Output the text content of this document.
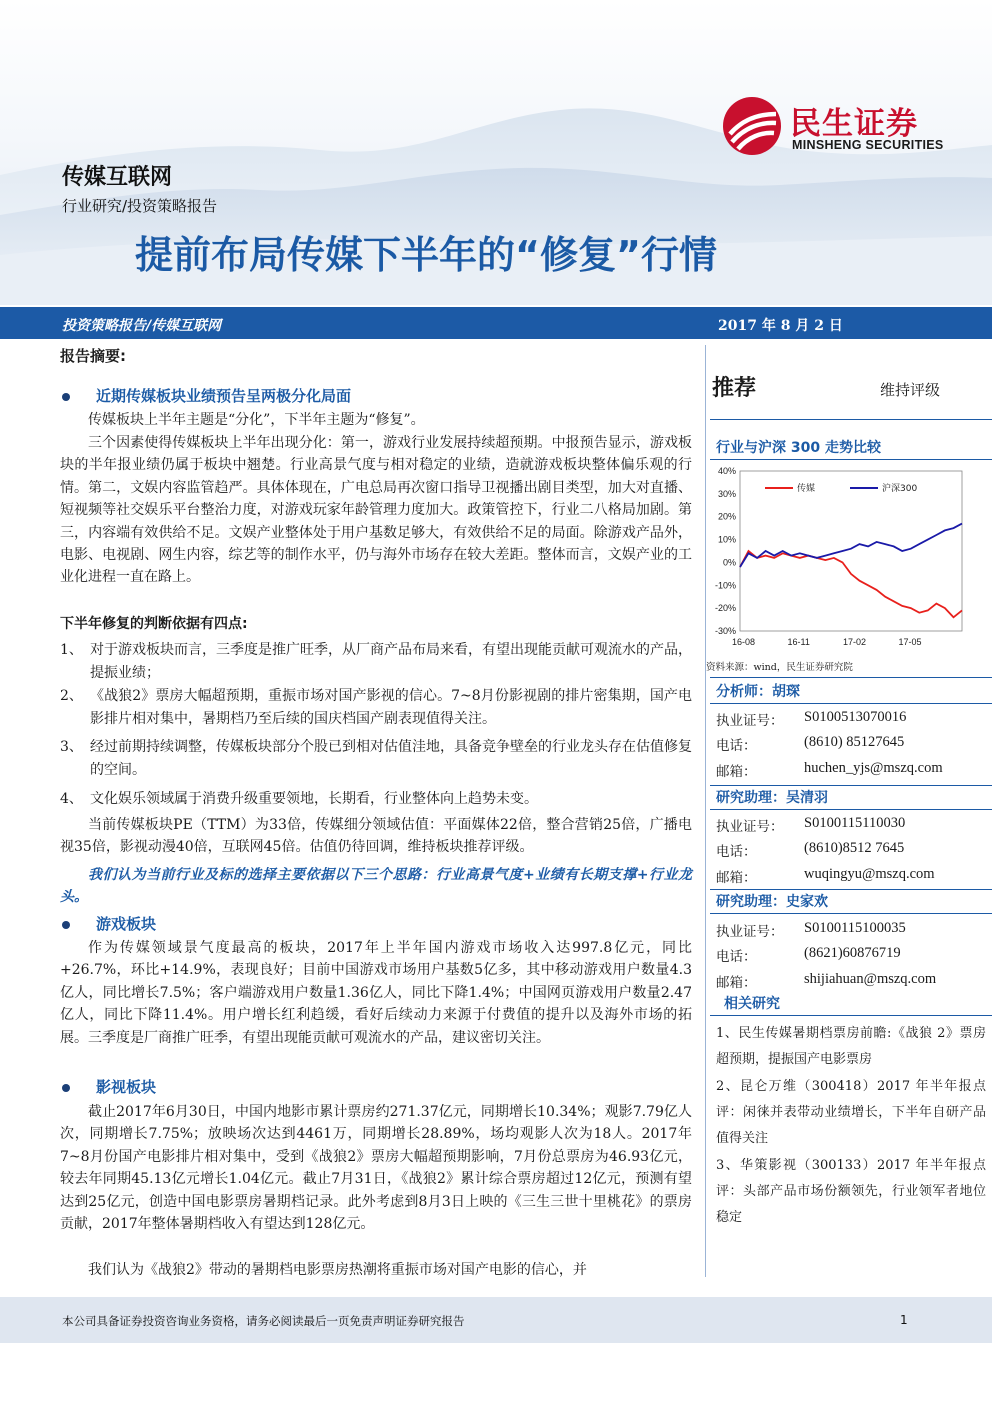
民生证券
MINSHENG SECURITIES
传媒互联网
行业研究/投资策略报告
提前布局传媒下半年的“修复”行情
投资策略报告/传媒互联网	2017 年 8 月 2 日
报告摘要:
近期传媒板块业绩预告呈两极分化局面
传媒板块上半年主题是“分化”，下半年主题为“修复”。
三个因素使得传媒板块上半年出现分化：第一，游戏行业发展持续超预期。中报预告显示，游戏板块的半年报业绩仍属于板块中翘楚。行业高景气度与相对稳定的业绩，造就游戏板块整体偏乐观的行情。第二，文娱内容监管趋严。具体体现在，广电总局再次窗口指导卫视播出剧目类型，加大对直播、短视频等社交娱乐平台整治力度，对游戏玩家年龄管理力度加大。政策管控下，行业二八格局加剧。第三，内容端有效供给不足。文娱产业整体处于用户基数足够大，有效供给不足的局面。除游戏产品外，电影、电视剧、网生内容，综艺等的制作水平，仍与海外市场存在较大差距。整体而言，文娱产业的工业化进程一直在路上。
下半年修复的判断依据有四点:
1、 对于游戏板块而言，三季度是推广旺季，从厂商产品布局来看，有望出现能贡献可观流水的产品，提振业绩；
2、 《战狼2》票房大幅超预期，重振市场对国产影视的信心。7~8月份影视剧的排片密集期，国产电影排片相对集中，暑期档乃至后续的国庆档国产剧表现值得关注。
3、 经过前期持续调整，传媒板块部分个股已到相对估值洼地，具备竞争壁垒的行业龙头存在估值修复的空间。
4、 文化娱乐领域属于消费升级重要领地，长期看，行业整体向上趋势未变。
当前传媒板块PE（TTM）为33倍，传媒细分领域估值：平面媒体22倍，整合营销25倍，广播电视35倍，影视动漫40倍，互联网45倍。估值仍待回调，维持板块推荐评级。
我们认为当前行业及标的选择主要依据以下三个思路：行业高景气度+业绩有长期支撑+行业龙头。
游戏板块
作为传媒领域景气度最高的板块，2017年上半年国内游戏市场收入达997.8亿元，同比+26.7%，环比+14.9%，表现良好；目前中国游戏市场用户基数5亿多，其中移动游戏用户数量4.3亿人，同比增长7.5%；客户端游戏用户数量1.36亿人，同比下降1.4%；中国网页游戏用户数量2.47亿人，同比下降11.4%。用户增长红利趋缓，看好后续动力来源于付费值的提升以及海外市场的拓展。三季度是厂商推广旺季，有望出现能贡献可观流水的产品，建议密切关注。
影视板块
截止2017年6月30日，中国内地影市累计票房约271.37亿元，同期增长10.34%；观影7.79亿人次，同期增长7.75%；放映场次达到4461万，同期增长28.89%，场均观影人次为18人。2017年7~8月份国产电影排片相对集中，受到《战狼2》票房大幅超预期影响，7月份总票房为46.93亿元，较去年同期45.13亿元增长1.04亿元。截止7月31日，《战狼2》累计综合票房超过12亿元，预测有望达到25亿元，创造中国电影票房暑期档记录。此外考虑到8月3日上映的《三生三世十里桃花》的票房贡献，2017年整体暑期档收入有望达到128亿元。
我们认为《战狼2》带动的暑期档电影票房热潮将重振市场对国产电影的信心，并
推荐	维持评级
行业与沪深 300 走势比较
40%
30%
20%
10%
0%
-10%
-20%
-30%
16-08	16-11	17-02	17-05
传媒	沪深300
资料来源：wind，民生证券研究院
分析师：胡琛
执业证号： S0100513070016
电话：	(8610) 85127645
邮箱：	huchen_yjs@mszq.com
研究助理：吴清羽
执业证号： S0100115110030
电话：	(8610)8512 7645
邮箱：	wuqingyu@mszq.com
研究助理：史家欢
执业证号： S0100115100035
电话：	(8621)60876719
邮箱：	shijiahuan@mszq.com
相关研究
1、民生传媒暑期档票房前瞻:《战狼 2》票房超预期，提振国产电影票房
2、昆仑万维（300418）2017 年半年报点评：闲徕并表带动业绩增长，下半年自研产品值得关注
3、华策影视（300133）2017 年半年报点评：头部产品市场份额领先，行业领军者地位稳定
本公司具备证券投资咨询业务资格，请务必阅读最后一页免责声明证券研究报告	1
